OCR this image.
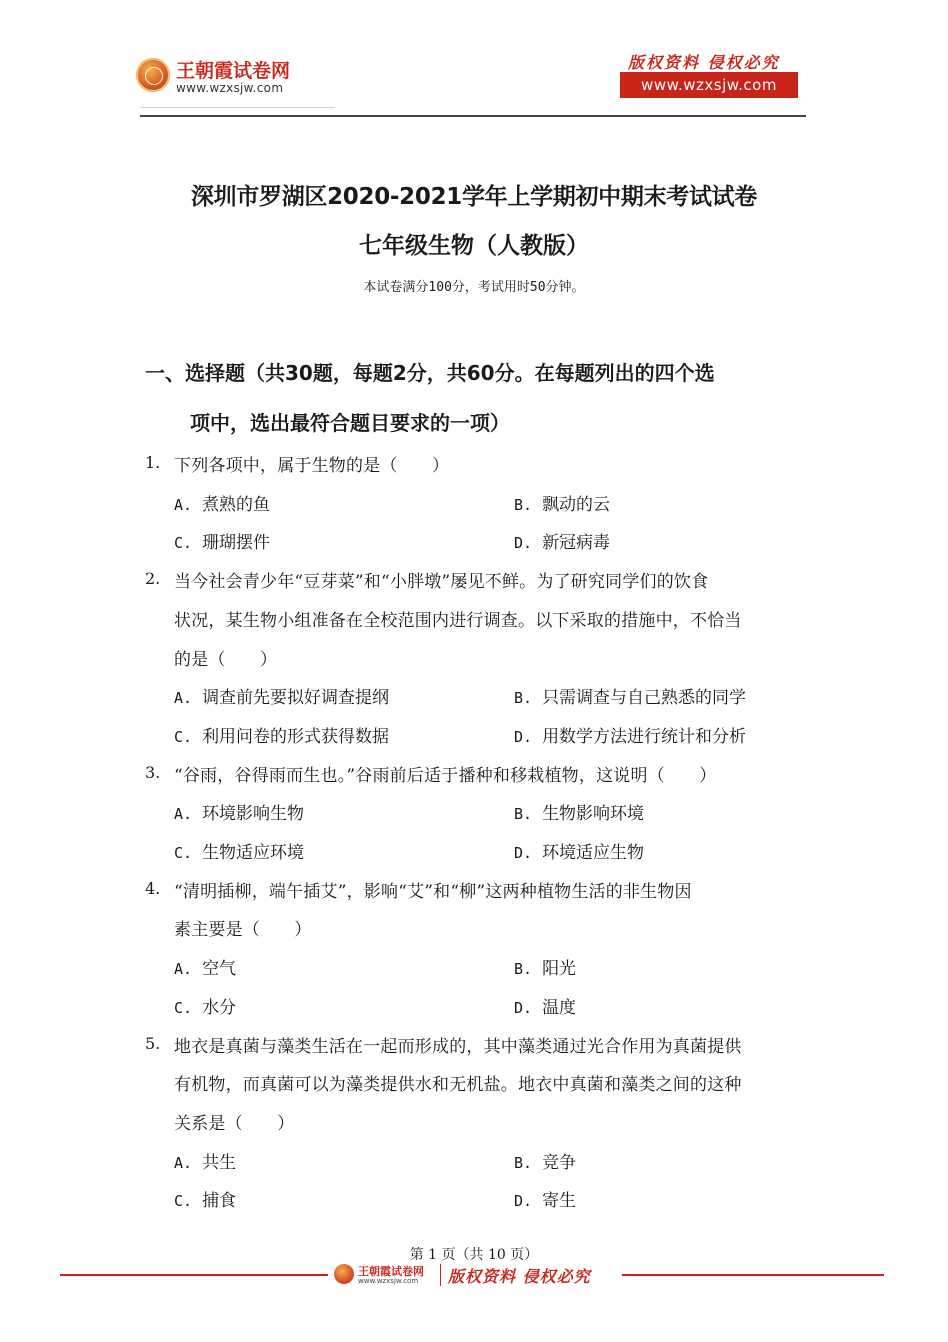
王朝霞试卷网
www.wzxsjw.com
版权资料 侵权必究
www.wzxsjw.com
深圳市罗湖区2020-2021学年上学期初中期末考试试卷
七年级生物（人教版）
本试卷满分100分，考试用时50分钟。
一、选择题（共30题，每题2分，共60分。在每题列出的四个选
项中，选出最符合题目要求的一项）
1. 下列各项中，属于生物的是（　　）
A. 煮熟的鱼	B. 飘动的云
C. 珊瑚摆件	D. 新冠病毒
2. 当今社会青少年“豆芽菜”和“小胖墩”屡见不鲜。为了研究同学们的饮食
状况，某生物小组准备在全校范围内进行调查。以下采取的措施中，不恰当
的是（　　）
A. 调查前先要拟好调查提纲	B. 只需调查与自己熟悉的同学
C. 利用问卷的形式获得数据	D. 用数学方法进行统计和分析
3. “谷雨，谷得雨而生也。”谷雨前后适于播种和移栽植物，这说明（　　）
A. 环境影响生物	B. 生物影响环境
C. 生物适应环境	D. 环境适应生物
4. “清明插柳，端午插艾”，影响“艾”和“柳”这两种植物生活的非生物因
素主要是（　　）
A. 空气	B. 阳光
C. 水分	D. 温度
5. 地衣是真菌与藻类生活在一起而形成的，其中藻类通过光合作用为真菌提供
有机物，而真菌可以为藻类提供水和无机盐。地衣中真菌和藻类之间的这种
关系是（　　）
A. 共生	B. 竞争
C. 捕食	D. 寄生
第 1 页（共 10 页）
王朝霞试卷网
www.wzxsjw.com 版权资料 侵权必究
